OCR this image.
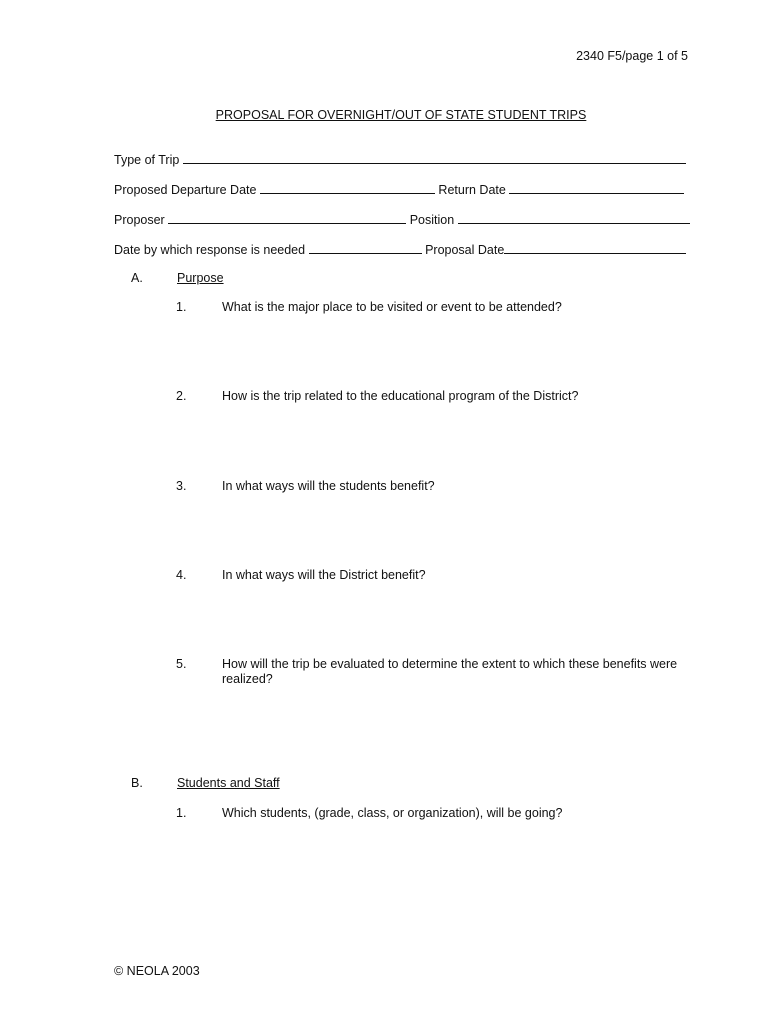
2340 F5/page 1 of 5
PROPOSAL FOR OVERNIGHT/OUT OF STATE STUDENT TRIPS
Type of Trip
Proposed Departure Date	Return Date
Proposer	Position
Date by which response is needed	Proposal Date
A.	Purpose
1.	What is the major place to be visited or event to be attended?
2.	How is the trip related to the educational program of the District?
3.	In what ways will the students benefit?
4.	In what ways will the District benefit?
5.	How will the trip be evaluated to determine the extent to which these benefits were realized?
B.	Students and Staff
1.	Which students, (grade, class, or organization), will be going?
© NEOLA 2003
